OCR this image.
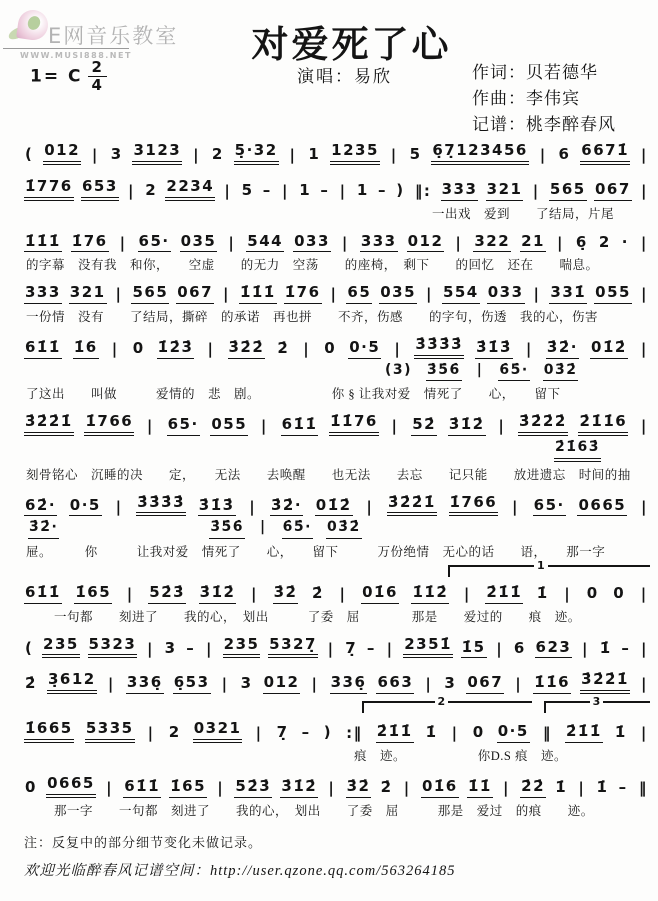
E网音乐教室
WWW.MUSI888.NET	对爱死了心
1= C $\frac{2}{4}$	演唱：易欣	作词：贝若德华
作曲：李伟宾
记谱：桃李醉春风
( 012 | 3 3123 | 2 5̣·32 | 1 1235 | 5 6̣7̣123456 | 6 6671̇ |
1̇776 653 | 2 2234 | 5 – | 1 – | 1 – ) ‖: 333 321 | 565 067 |
一出戏　爱到　　了结局，片尾
1̇1̇1̇ 1̇76 | 65· 035 | 544 033 | 333 012 | 322 21 | 6̣ 2 · |
的字幕　没有我　和你，　　空虚　　的无力　空荡　　的座椅，　剩下　　的回忆　还在　　喘息。
333 321 | 565 067 | 1̇1̇1̇ 1̇76 | 65 035 | 554 033 | 331̇ 055 |
一份情　没有　　了结局，撕碎　的承诺　再也拼　　不齐，伤感　　的字句，伤透　我的心，伤害
61̇1̇ 1̇6 | 0 1̇2̇3̇ | 3̇2̇2̇ 2̇ | 0 0·5 | 3̇3̇3̇3̇ 3̇1̇3̇ | 3̇2̇· 01̇2̇ |
(3) 3̇5̇6̇ | 6̇5̇· 03̇2̇
了这出　　叫做　　　爱情的　悲　剧。　　　　　　你 § 让我对爱　情死了　　心，　　留下
3̇2̇2̇1̇ 1̇766 | 65· 055 | 61̇1̇ 1̇1̇76 | 52̇ 3̇1̇2̇ | 3̇2̇2̇2̇ 2̇1̇1̇6 |
2̇1̇63̇
刻骨铭心　沉睡的决　　定，　　无法　　去唤醒　　也无法　　去忘　　记只能　　放进遗忘　时间的抽
62̇· 0·5 | 3̇3̇3̇3̇ 3̇1̇3̇ | 3̇2̇· 01̇2̇ | 3̇2̇2̇1̇ 1̇766 | 65· 0665 |
3̇2̇·	3̇5̇6̇ | 6̇5̇· 03̇2̇
屉。　　　你　　　让我对爱　情死了　　心，　　留下　　　万份绝情　无心的话　　语，　　那一字
1
61̇1̇ 1̇65 | 52̇3̇ 3̇1̇2̇ | 3̇2̇ 2̇ | 01̇6 1̇1̇2̇ | 2̇1̇1̇ 1̇ | 0 0 |
一句都　　刻进了　　我的心，　划出　　　了委　屈　　　　那是　　爱过的　　痕　迹。
( 235 5323 | 3 – | 235 5327̣ | 7̣ – | 2351̇ 1̇5 | 6 623 | 1̇ – |
2̇ 3̣612 | 336̣ 6̣53 | 3 012 | 336̣ 663 | 3 067 | 1̇1̇6 3̇2̇2̇1̇ |
2	3
1̇665 5335 | 2 0321 | 7̣ – ) :‖ 2̇1̇1̇ 1̇ | 0 0·5 ‖ 2̇1̇1̇ 1̇ |
痕　迹。　　　　　　你D.S 痕　迹。
0 0665 | 61̇1̇ 1̇65 | 52̇3̇ 3̇1̇2̇ | 3̇2̇ 2̇ | 01̇6 1̇1̇ | 2̇2̇ 1̇ | 1̇ – ‖
那一字　　一句都　刻进了　　我的心，　划出　　了委　屈　　　那是　爱过　的痕　　迹。
注：反复中的部分细节变化未做记录。
欢迎光临醉春风记谱空间：http://user.qzone.qq.com/563264185
